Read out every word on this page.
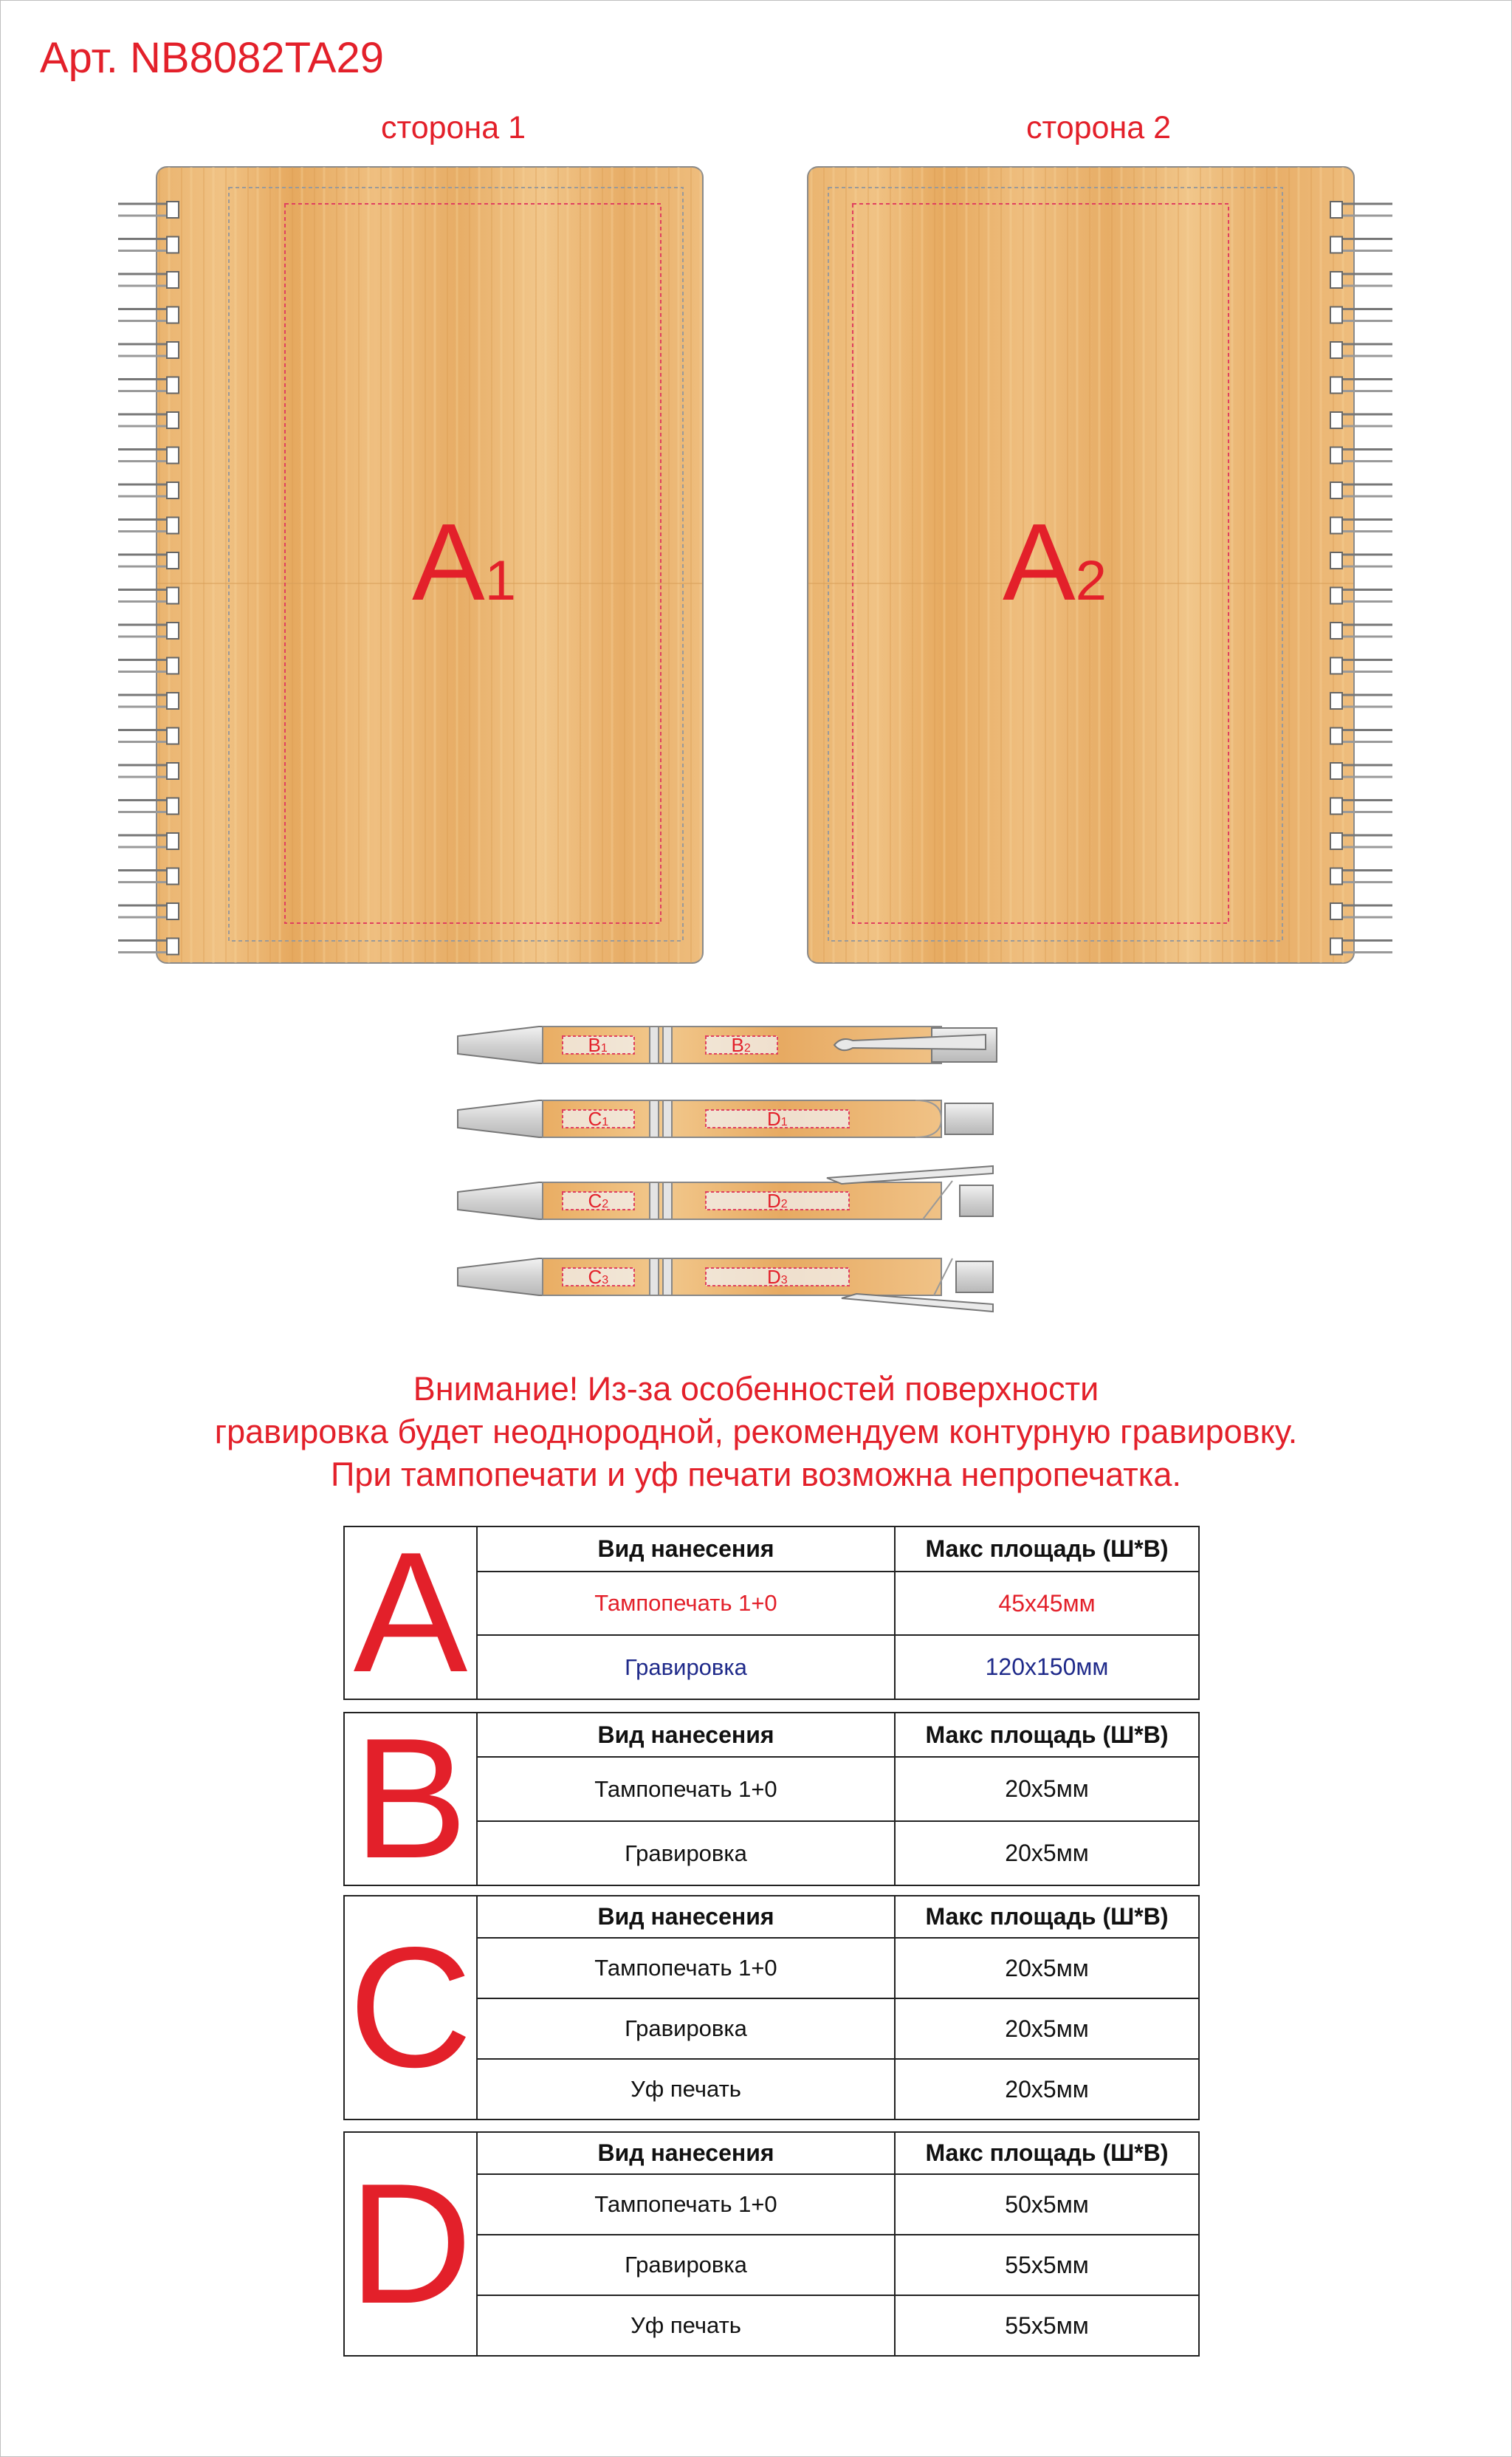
Арт. NB8082TA29
сторона 1	сторона 2
A1	A2
B1	B2
C1	D1
C2	D2
C3	D3
Внимание! Из-за особенностей поверхности
гравировка будет неоднородной, рекомендуем контурную гравировку.
При тампопечати и уф печати возможна непропечатка.
A	Вид нанесения	Макс площадь (Ш*В)
	Тампопечать 1+0	45х45мм
	Гравировка	120х150мм
B	Вид нанесения	Макс площадь (Ш*В)
	Тампопечать 1+0	20х5мм
	Гравировка	20х5мм
C	Вид нанесения	Макс площадь (Ш*В)
	Тампопечать 1+0	20х5мм
	Гравировка	20х5мм
	Уф печать	20х5мм
D	Вид нанесения	Макс площадь (Ш*В)
	Тампопечать 1+0	50х5мм
	Гравировка	55х5мм
	Уф печать	55х5мм
